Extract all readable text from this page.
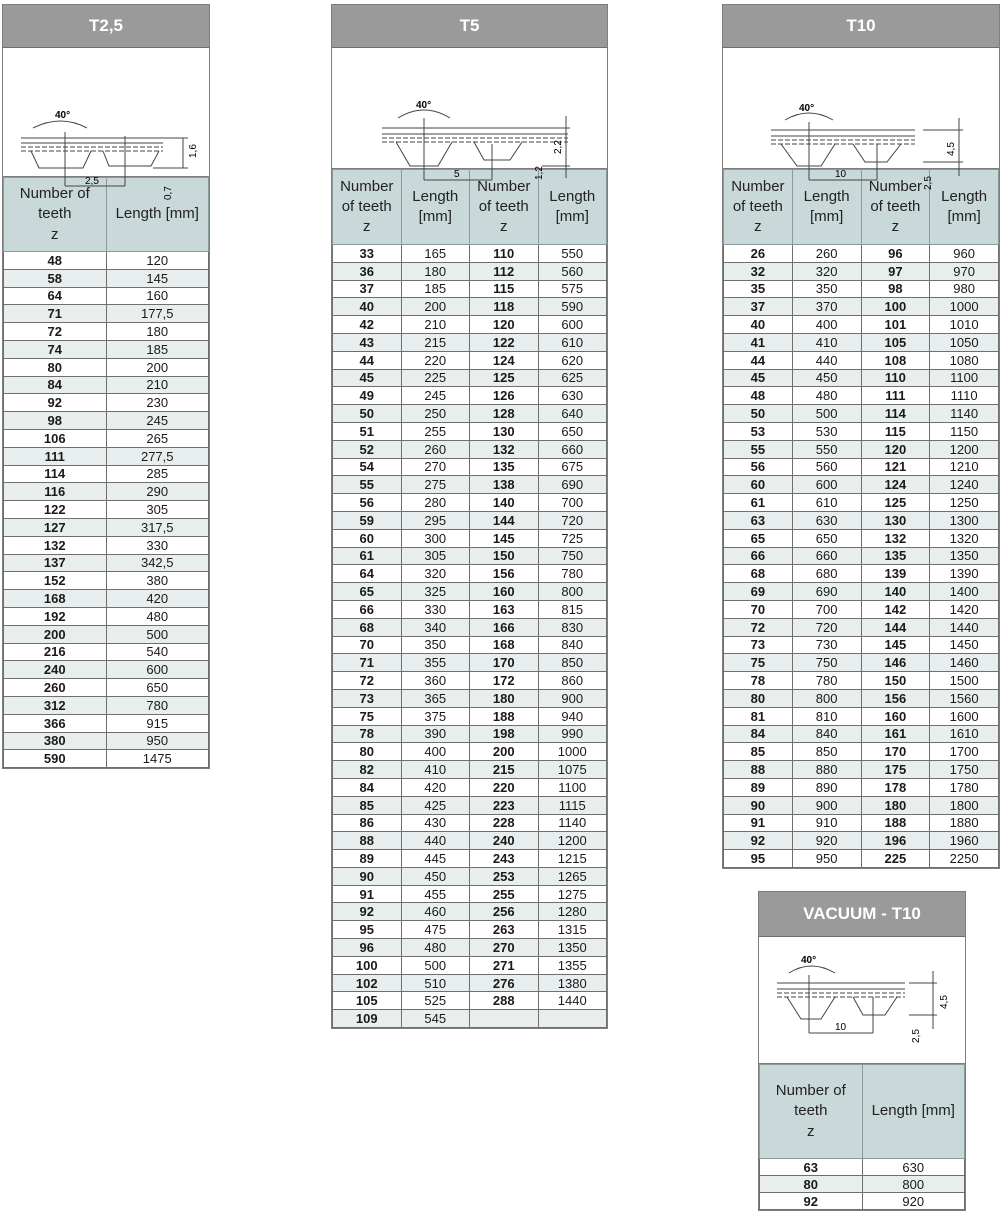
T2,5
40°
2,5
1,6
0,7
Number of teeth
z	Length [mm]
48	120
58	145
64	160
71	177,5
72	180
74	185
80	200
84	210
92	230
98	245
106	265
111	277,5
114	285
116	290
122	305
127	317,5
132	330
137	342,5
152	380
168	420
192	480
200	500
216	540
240	600
260	650
312	780
366	915
380	950
590	1475
T5
40°
5
2,2
1,2
Number of teeth
z	Length [mm]	Number of teeth
z	Length [mm]
33	165	110	550
36	180	112	560
37	185	115	575
40	200	118	590
42	210	120	600
43	215	122	610
44	220	124	620
45	225	125	625
49	245	126	630
50	250	128	640
51	255	130	650
52	260	132	660
54	270	135	675
55	275	138	690
56	280	140	700
59	295	144	720
60	300	145	725
61	305	150	750
64	320	156	780
65	325	160	800
66	330	163	815
68	340	166	830
70	350	168	840
71	355	170	850
72	360	172	860
73	365	180	900
75	375	188	940
78	390	198	990
80	400	200	1000
82	410	215	1075
84	420	220	1100
85	425	223	1115
86	430	228	1140
88	440	240	1200
89	445	243	1215
90	450	253	1265
91	455	255	1275
92	460	256	1280
95	475	263	1315
96	480	270	1350
100	500	271	1355
102	510	276	1380
105	525	288	1440
109	545		
T10
40°
10
4,5
2,5
Number of teeth
z	Length [mm]	Number of teeth
z	Length [mm]
26	260	96	960
32	320	97	970
35	350	98	980
37	370	100	1000
40	400	101	1010
41	410	105	1050
44	440	108	1080
45	450	110	1100
48	480	111	1110
50	500	114	1140
53	530	115	1150
55	550	120	1200
56	560	121	1210
60	600	124	1240
61	610	125	1250
63	630	130	1300
65	650	132	1320
66	660	135	1350
68	680	139	1390
69	690	140	1400
70	700	142	1420
72	720	144	1440
73	730	145	1450
75	750	146	1460
78	780	150	1500
80	800	156	1560
81	810	160	1600
84	840	161	1610
85	850	170	1700
88	880	175	1750
89	890	178	1780
90	900	180	1800
91	910	188	1880
92	920	196	1960
95	950	225	2250
VACUUM - T10
40°
10
4,5
2,5
Number of teeth
z	Length [mm]
63	630
80	800
92	920
